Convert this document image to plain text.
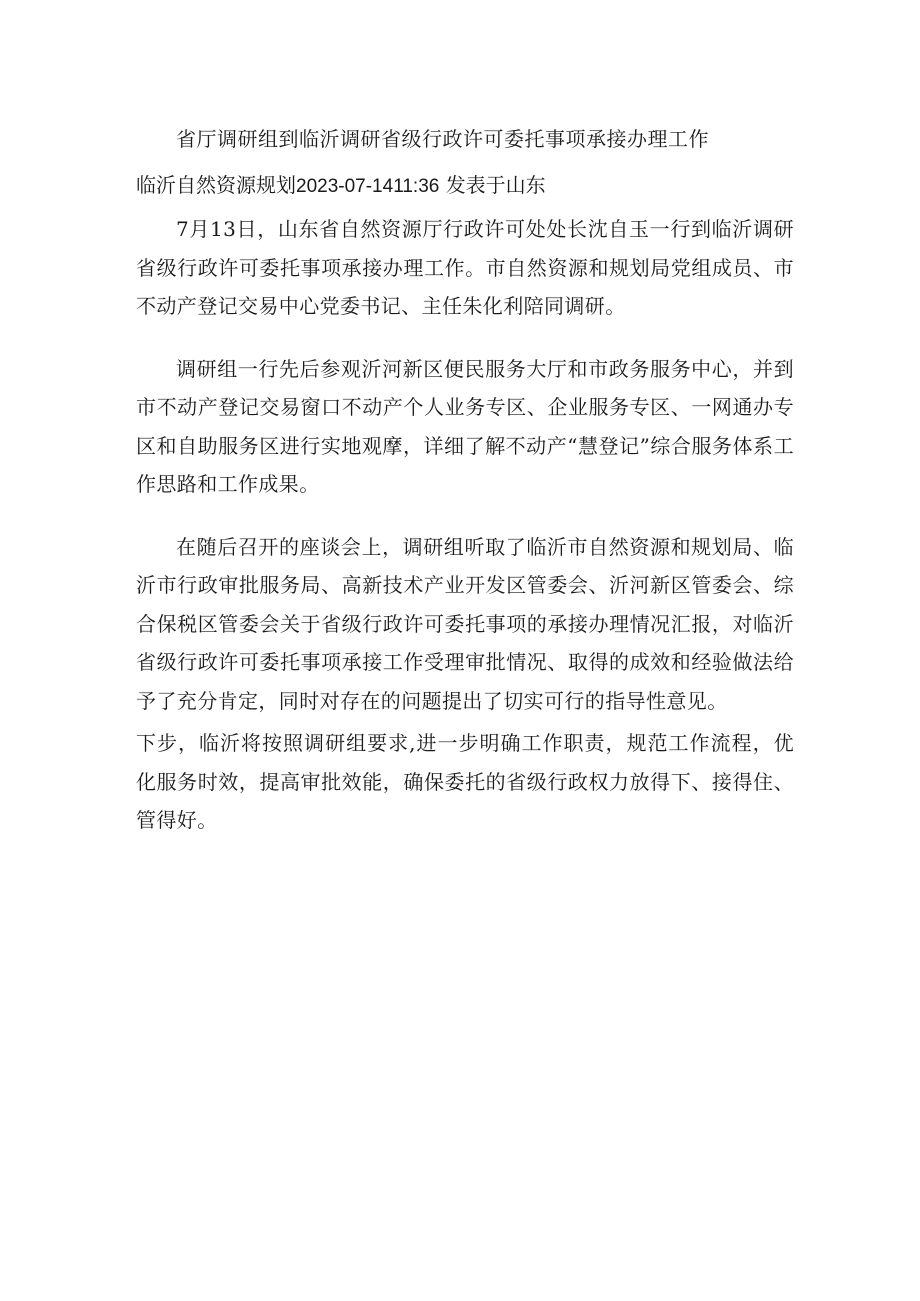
省厅调研组到临沂调研省级行政许可委托事项承接办理工作
临沂自然资源规划2023-07-1411:36 发表于山东

7月13日，山东省自然资源厅行政许可处处长沈自玉一行到临沂调研省级行政许可委托事项承接办理工作。市自然资源和规划局党组成员、市不动产登记交易中心党委书记、主任朱化利陪同调研。

调研组一行先后参观沂河新区便民服务大厅和市政务服务中心，并到市不动产登记交易窗口不动产个人业务专区、企业服务专区、一网通办专区和自助服务区进行实地观摩，详细了解不动产“慧登记”综合服务体系工作思路和工作成果。

在随后召开的座谈会上，调研组听取了临沂市自然资源和规划局、临沂市行政审批服务局、高新技术产业开发区管委会、沂河新区管委会、综合保税区管委会关于省级行政许可委托事项的承接办理情况汇报，对临沂省级行政许可委托事项承接工作受理审批情况、取得的成效和经验做法给予了充分肯定，同时对存在的问题提出了切实可行的指导性意见。

下步，临沂将按照调研组要求,进一步明确工作职责，规范工作流程，优化服务时效，提高审批效能，确保委托的省级行政权力放得下、接得住、管得好。
